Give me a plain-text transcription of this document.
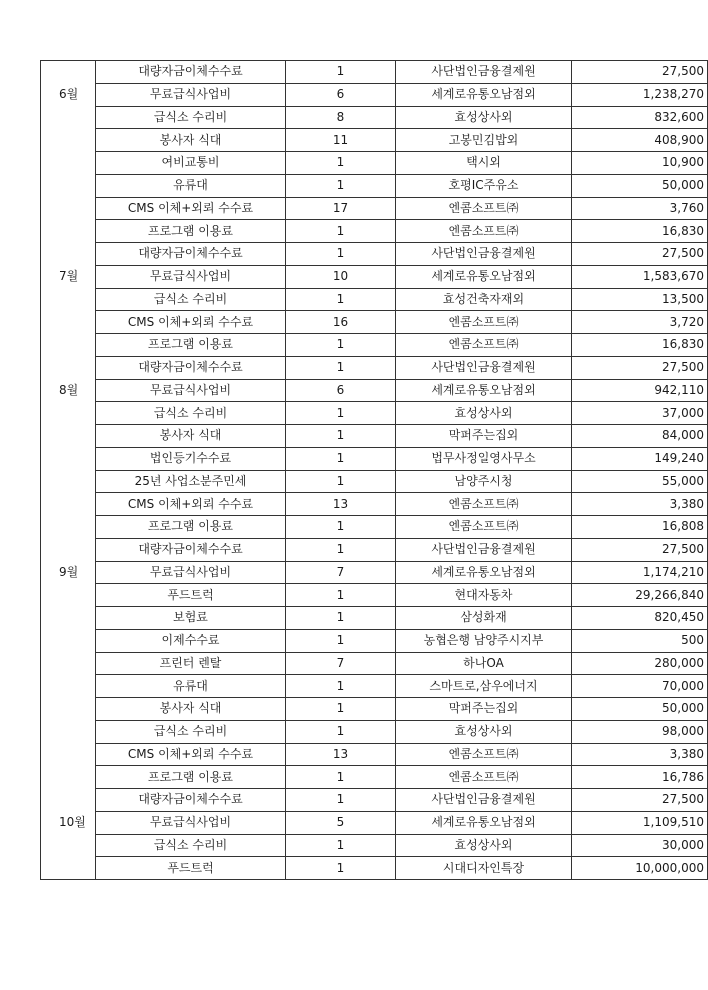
	대량자금이체수수료	1	사단법인금융결제원	27,500
6월	무료급식사업비	6	세계로유통오남점외	1,238,270
	급식소 수리비	8	효성상사외	832,600
	봉사자 식대	11	고봉민김밥외	408,900
	여비교통비	1	택시외	10,900
	유류대	1	호평IC주유소	50,000
	CMS 이체+외뢰 수수료	17	엔콤소프트㈜	3,760
	프로그램 이용료	1	엔콤소프트㈜	16,830
	대량자금이체수수료	1	사단법인금융결제원	27,500
7월	무료급식사업비	10	세계로유통오남점외	1,583,670
	급식소 수리비	1	효성건축자재외	13,500
	CMS 이체+외뢰 수수료	16	엔콤소프트㈜	3,720
	프로그램 이용료	1	엔콤소프트㈜	16,830
	대량자금이체수수료	1	사단법인금융결제원	27,500
8월	무료급식사업비	6	세계로유통오남점외	942,110
	급식소 수리비	1	효성상사외	37,000
	봉사자 식대	1	막퍼주는집외	84,000
	법인등기수수료	1	법무사정일영사무소	149,240
	25년 사업소분주민세	1	남양주시청	55,000
	CMS 이체+외뢰 수수료	13	엔콤소프트㈜	3,380
	프로그램 이용료	1	엔콤소프트㈜	16,808
	대량자금이체수수료	1	사단법인금융결제원	27,500
9월	무료급식사업비	7	세계로유통오남점외	1,174,210
	푸드트럭	1	현대자동차	29,266,840
	보험료	1	삼성화재	820,450
	이제수수료	1	농협은행 남양주시지부	500
	프린터 렌탈	7	하나OA	280,000
	유류대	1	스마트로,삼우에너지	70,000
	봉사자 식대	1	막퍼주는집외	50,000
	급식소 수리비	1	효성상사외	98,000
	CMS 이체+외뢰 수수료	13	엔콤소프트㈜	3,380
	프로그램 이용료	1	엔콤소프트㈜	16,786
	대량자금이체수수료	1	사단법인금융결제원	27,500
10월	무료급식사업비	5	세계로유통오남점외	1,109,510
	급식소 수리비	1	효성상사외	30,000
	푸드트럭	1	시대디자인특장	10,000,000
